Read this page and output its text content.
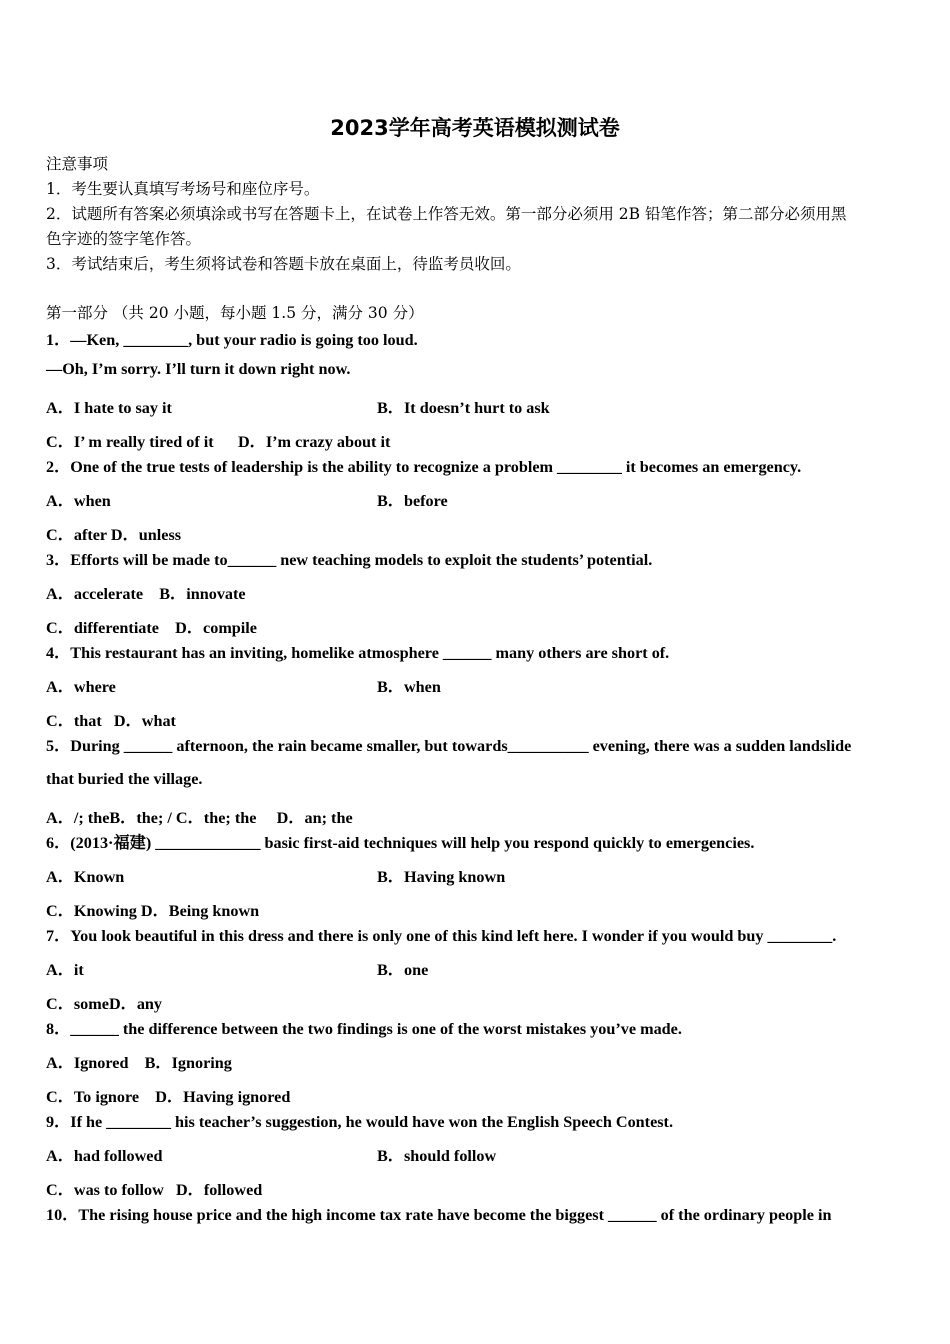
2023学年高考英语模拟测试卷
注意事项
1．考生要认真填写考场号和座位序号。
2．试题所有答案必须填涂或书写在答题卡上，在试卷上作答无效。第一部分必须用 2B 铅笔作答；第二部分必须用黑
色字迹的签字笔作答。
3．考试结束后，考生须将试卷和答题卡放在桌面上，待监考员收回。
第一部分 （共 20 小题，每小题 1.5 分，满分 30 分）
1．—Ken, ________, but your radio is going too loud.
—Oh, I’m sorry. I’ll turn it down right now.
A．I hate to say it	B．It doesn’t hurt to ask
C．I’ m really tired of it      D．I’m crazy about it
2．One of the true tests of leadership is the ability to recognize a problem ________ it becomes an emergency.
A．when	B．before
C．after D．unless
3．Efforts will be made to______ new teaching models to exploit the students’ potential.
A．accelerate    B．innovate
C．differentiate    D．compile
4．This restaurant has an inviting, homelike atmosphere ______ many others are short of.
A．where	B．when
C．that   D．what
5．During ______ afternoon, the rain became smaller, but towards__________ evening, there was a sudden landslide
that buried the village.
A．/; theB．the; / C．the; the     D．an; the
6．(2013·福建) _____________ basic first-aid techniques will help you respond quickly to emergencies.
A．Known	B．Having known
C．Knowing D．Being known
7．You look beautiful in this dress and there is only one of this kind left here. I wonder if you would buy ________.
A．it	B．one
C．someD．any
8．______ the difference between the two findings is one of the worst mistakes you’ve made.
A．Ignored    B．Ignoring
C．To ignore    D．Having ignored
9．If he ________ his teacher’s suggestion, he would have won the English Speech Contest.
A．had followed	B．should follow
C．was to follow   D．followed
10．The rising house price and the high income tax rate have become the biggest ______ of the ordinary people in
